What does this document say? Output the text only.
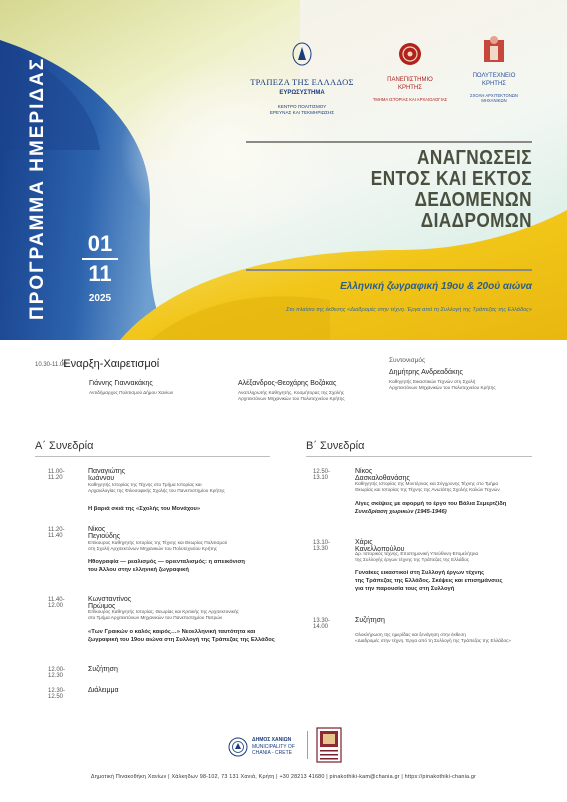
ΤΡΑΠΕΖΑ ΤΗΣ ΕΛΛΑΔΟΣ
ΕΥΡΩΣΥΣΤΗΜΑ
ΚΕΝΤΡΟ ΠΟΛΙΤΙΣΜΟΥ
ΕΡΕΥΝΑΣ ΚΑΙ ΤΕΚΜΗΡΙΩΣΗΣ
ΠΑΝΕΠΙΣΤΗΜΙΟ
ΚΡΗΤΗΣ
ΤΜΗΜΑ ΙΣΤΟΡΙΑΣ ΚΑΙ ΑΡΧΑΙΟΛΟΓΙΑΣ
ΠΟΛΥΤΕΧΝΕΙΟ
ΚΡΗΤΗΣ
ΣΧΟΛΗ ΑΡΧΙΤΕΚΤΟΝΩΝ ΜΗΧΑΝΙΚΩΝ
ΠΡΟΓΡΑΜΜΑ ΗΜΕΡΙΔΑΣ	01
11
2025
ΑΝΑΓΝΩΣΕΙΣ
ΕΝΤΟΣ ΚΑΙ ΕΚΤΟΣ
ΔΕΔΟΜΕΝΩΝ
ΔΙΑΔΡΟΜΩΝ
Ελληνική ζωγραφική 19ου & 20ού αιώνα
Στο πλαίσιο της έκθεσης «Διαδρομές στην τέχνη. Έργα από τη Συλλογή της Τράπεζας της Ελλάδος»
10.30-11.00
Έναρξη-Χαιρετισμοί
Γιάννης Γιαννακάκης
Αντιδήμαρχος Πολιτισμού Δήμου Χανίων
Αλέξανδρος-Θεοχάρης Βοζάκας
Αναπληρωτής Καθηγητής, Κοσμήτορας της Σχολής
Αρχιτεκτόνων Μηχανικών του Πολυτεχνείου Κρήτης
Συντονισμός
Δημήτρης Ανδρεαδάκης
Καθηγητής Εικαστικών Τεχνών στη Σχολή
Αρχιτεκτόνων Μηχανικών του Πολυτεχνείου Κρήτης
Α΄ Συνεδρία
11.00-11.20
Παναγιώτης Ιωάννου
Καθηγητής Ιστορίας της Τέχνης στο Τμήμα Ιστορίας και
Αρχαιολογίας της Φιλοσοφικής Σχολής του Πανεπιστημίου Κρήτης
Η βαριά σκιά της «Σχολής του Μονάχου»
11.20-11.40
Νίκος Πεγιούδης
Επίκουρος Καθηγητής Ιστορίας της Τέχνης και Θεωρίας Πολιτισμού
στη Σχολή Αρχιτεκτόνων Μηχανικών του Πολυτεχνείου Κρήτης
Ηθογραφία — ρεαλισμός — οριενταλισμός: η απεικόνιση
του Άλλου στην ελληνική ζωγραφική
11.40-12.00
Κωνσταντίνος Πρώιμος
Επίκουρος Καθηγητής Ιστορίας, Θεωρίας και Κριτικής της Αρχιτεκτονικής
στο Τμήμα Αρχιτεκτόνων Μηχανικών του Πανεπιστημίου Πατρών
«Των Γραικών ο καλός καιρός…» Νεοελληνική ταυτότητα και
ζωγραφική του 19ου αιώνα στη Συλλογή της Τράπεζας της Ελλάδος
12.00-12.30
Συζήτηση
12.30-12.50
Διάλειμμα
Β΄ Συνεδρία
12.50-13.10
Νίκος Δασκαλοθανάσης
Καθηγητής Ιστορίας της Μοντέρνας και Σύγχρονης Τέχνης στο Τμήμα
Θεωρίας και Ιστορίας της Τέχνης της Ανωτάτης Σχολής Καλών Τεχνών
Λίγες σκέψεις με αφορμή το έργο του Βάλια Σεμερτζίδη
Συνεδρίαση χωρικών (1945-1946)
13.10-13.30
Χάρις Κανελλοπούλου
Δρ. Ιστορικός τέχνης, Επιστημονική Υπεύθυνη-Επιμελήτρια
της Συλλογής έργων τέχνης της Τράπεζας της Ελλάδος
Γυναίκες εικαστικοί στη Συλλογή έργων τέχνης
της Τράπεζας της Ελλάδος. Σκέψεις και επισημάνσεις
για την παρουσία τους στη Συλλογή
13.30-14.00
Συζήτηση
Ολοκλήρωση της ημερίδας και ξενάγηση στην έκθεση
«Διαδρομές στην τέχνη. Έργα από τη Συλλογή της Τράπεζας της Ελλάδος»
ΔΗΜΟΣ ΧΑΝΙΩΝ
MUNICIPALITY OF
CHANIA - CRETE
Δημοτική Πινακοθήκη Χανίων | Χάλκηδων 98-102, 73 131 Χανιά, Κρήτη | +30 28213 41680 | pinakothiki-kam@chania.gr | https://pinakothiki-chania.gr
